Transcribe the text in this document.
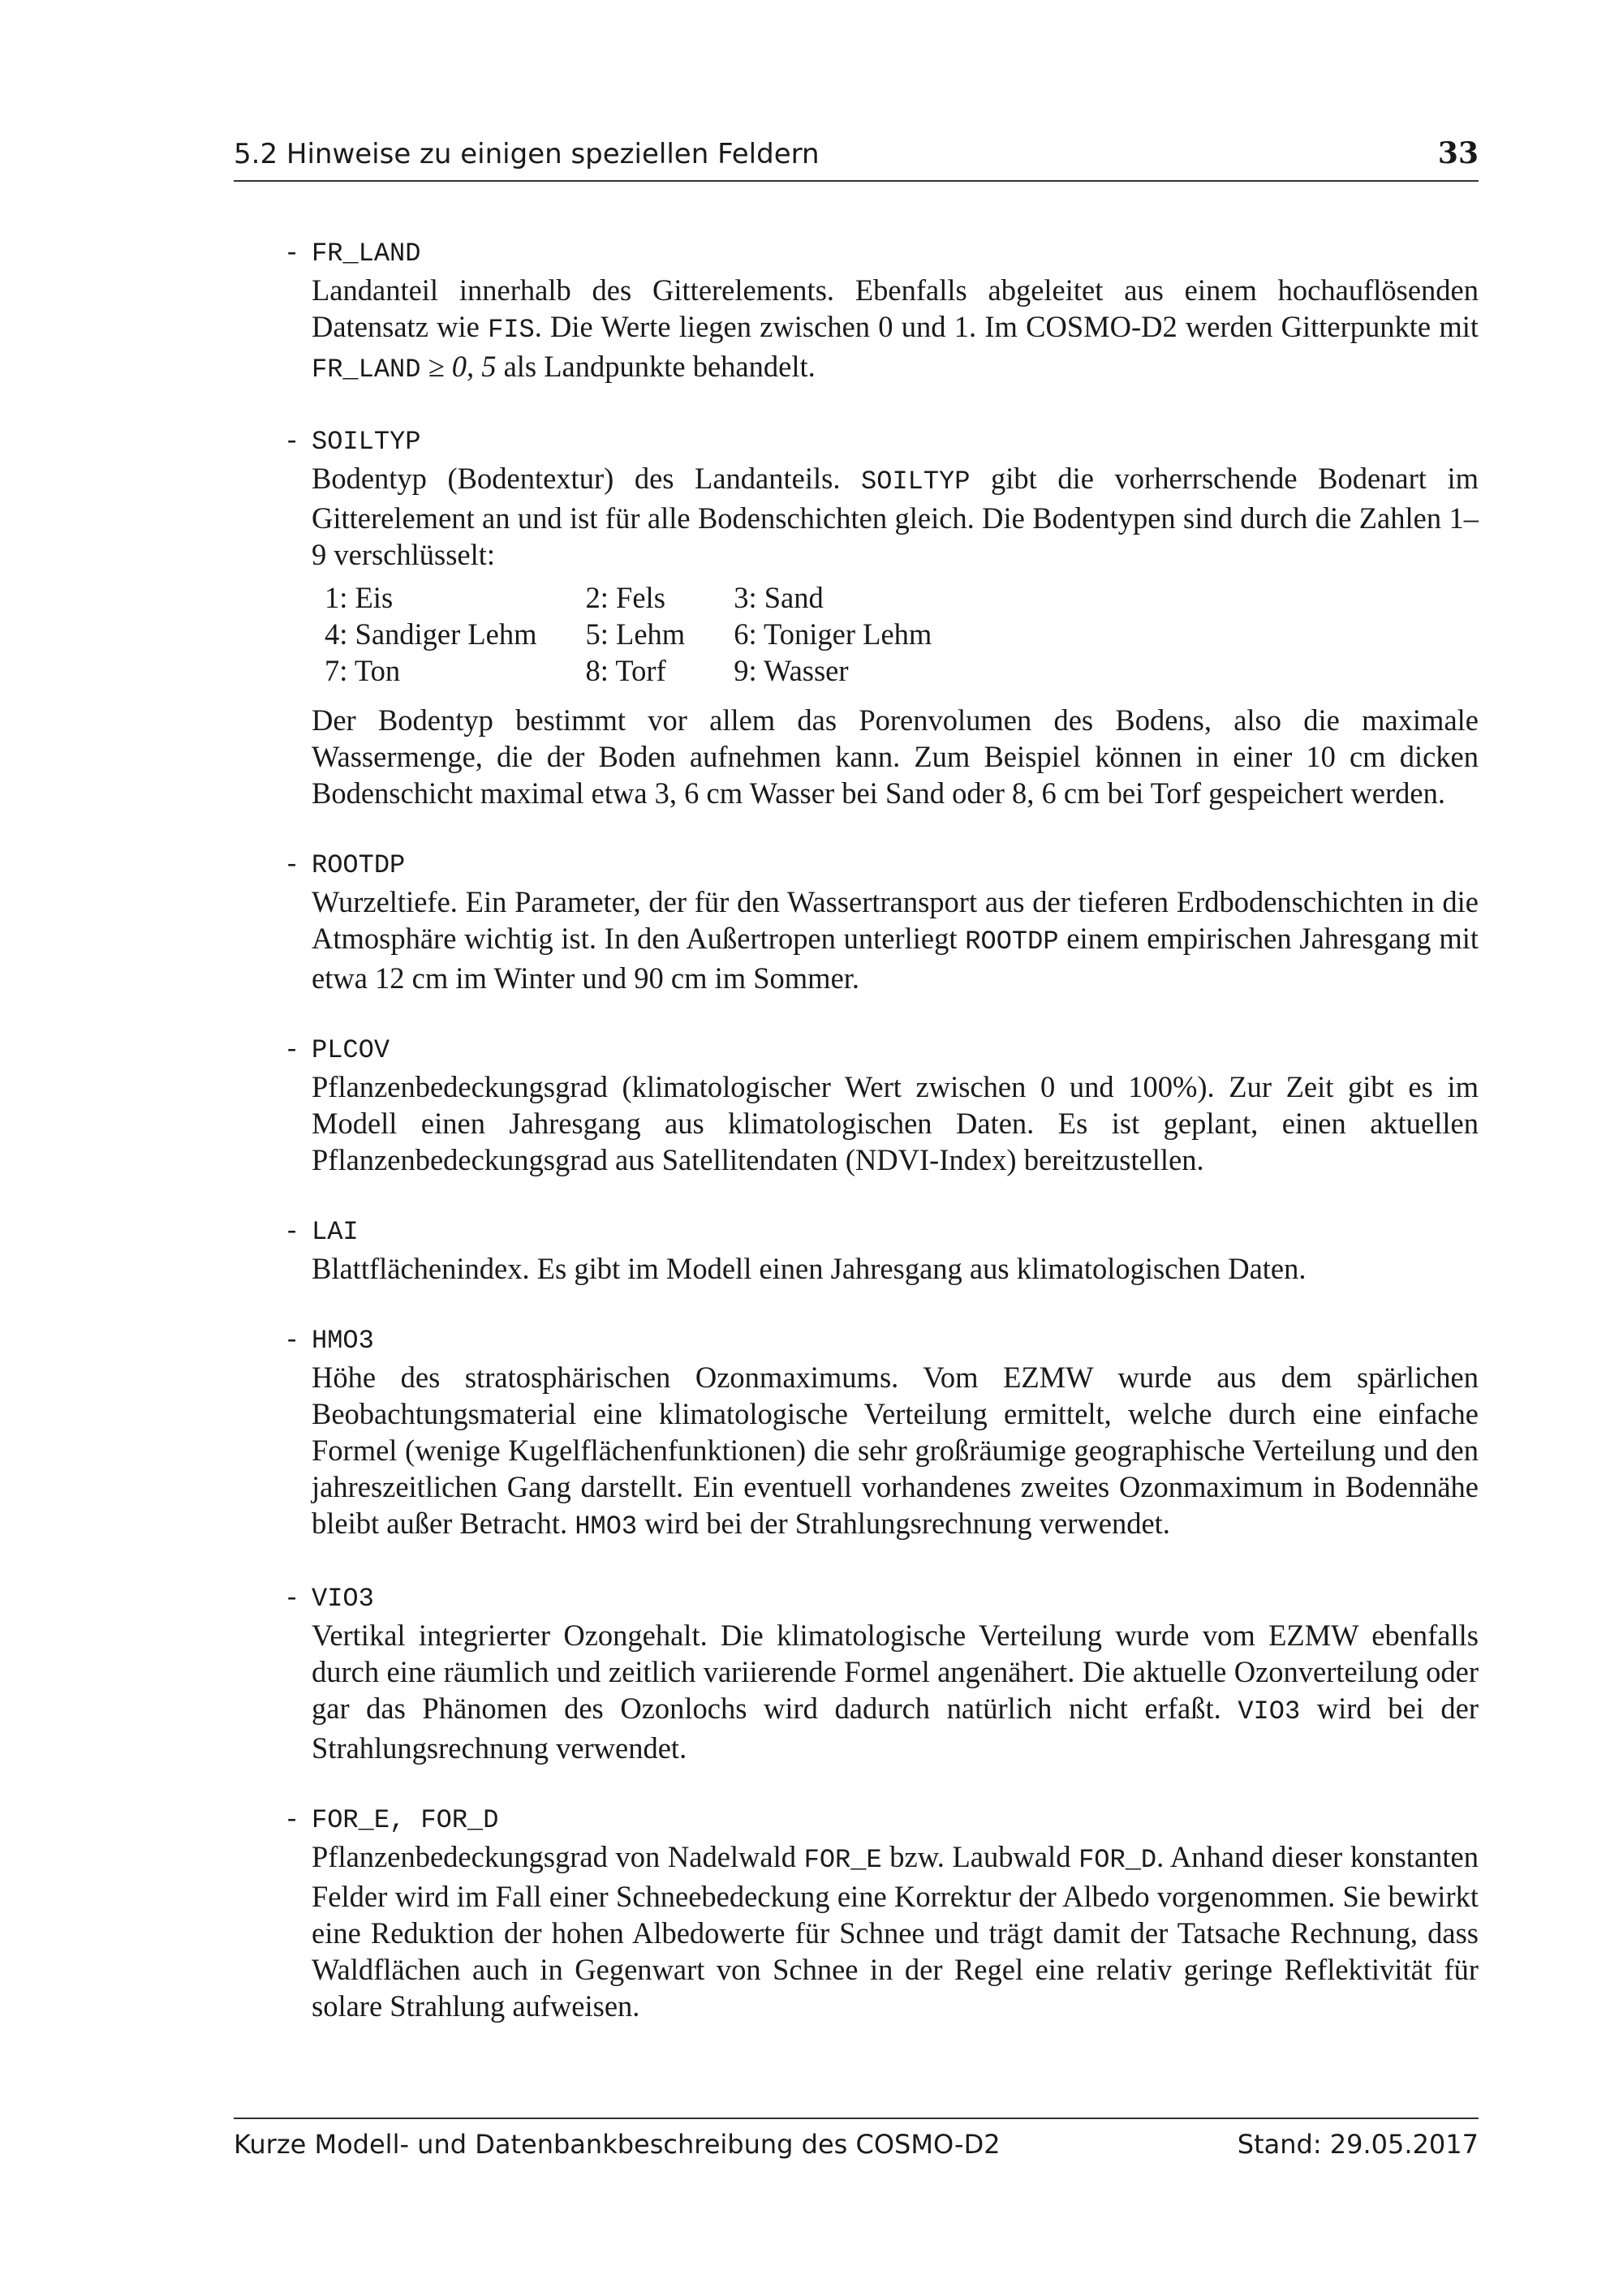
5.2 Hinweise zu einigen speziellen Feldern	33
- FR_LAND
Landanteil innerhalb des Gitterelements. Ebenfalls abgeleitet aus einem hochauflösenden Datensatz wie FIS. Die Werte liegen zwischen 0 und 1. Im COSMO-D2 werden Gitterpunkte mit FR_LAND ≥ 0, 5 als Landpunkte behandelt.
- SOILTYP
Bodentyp (Bodentextur) des Landanteils. SOILTYP gibt die vorherrschende Bodenart im Gitterelement an und ist für alle Bodenschichten gleich. Die Bodentypen sind durch die Zahlen 1–9 verschlüsselt:
1: Eis	2: Fels	3: Sand
4: Sandiger Lehm	5: Lehm	6: Toniger Lehm
7: Ton	8: Torf	9: Wasser
Der Bodentyp bestimmt vor allem das Porenvolumen des Bodens, also die maximale Wassermenge, die der Boden aufnehmen kann. Zum Beispiel können in einer 10 cm dicken Bodenschicht maximal etwa 3, 6 cm Wasser bei Sand oder 8, 6 cm bei Torf gespeichert werden.
- ROOTDP
Wurzeltiefe. Ein Parameter, der für den Wassertransport aus der tieferen Erdbodenschichten in die Atmosphäre wichtig ist. In den Außertropen unterliegt ROOTDP einem empirischen Jahresgang mit etwa 12 cm im Winter und 90 cm im Sommer.
- PLCOV
Pflanzenbedeckungsgrad (klimatologischer Wert zwischen 0 und 100%). Zur Zeit gibt es im Modell einen Jahresgang aus klimatologischen Daten. Es ist geplant, einen aktuellen Pflanzenbedeckungsgrad aus Satellitendaten (NDVI-Index) bereitzustellen.
- LAI
Blattflächenindex. Es gibt im Modell einen Jahresgang aus klimatologischen Daten.
- HMO3
Höhe des stratosphärischen Ozonmaximums. Vom EZMW wurde aus dem spärlichen Beobachtungsmaterial eine klimatologische Verteilung ermittelt, welche durch eine einfache Formel (wenige Kugelflächenfunktionen) die sehr großräumige geographische Verteilung und den jahreszeitlichen Gang darstellt. Ein eventuell vorhandenes zweites Ozonmaximum in Bodennähe bleibt außer Betracht. HMO3 wird bei der Strahlungsrechnung verwendet.
- VIO3
Vertikal integrierter Ozongehalt. Die klimatologische Verteilung wurde vom EZMW ebenfalls durch eine räumlich und zeitlich variierende Formel angenähert. Die aktuelle Ozonverteilung oder gar das Phänomen des Ozonlochs wird dadurch natürlich nicht erfaßt. VIO3 wird bei der Strahlungsrechnung verwendet.
- FOR_E, FOR_D
Pflanzenbedeckungsgrad von Nadelwald FOR_E bzw. Laubwald FOR_D. Anhand dieser konstanten Felder wird im Fall einer Schneebedeckung eine Korrektur der Albedo vorgenommen. Sie bewirkt eine Reduktion der hohen Albedowerte für Schnee und trägt damit der Tatsache Rechnung, dass Waldflächen auch in Gegenwart von Schnee in der Regel eine relativ geringe Reflektivität für solare Strahlung aufweisen.
Kurze Modell- und Datenbankbeschreibung des COSMO-D2	Stand: 29.05.2017
